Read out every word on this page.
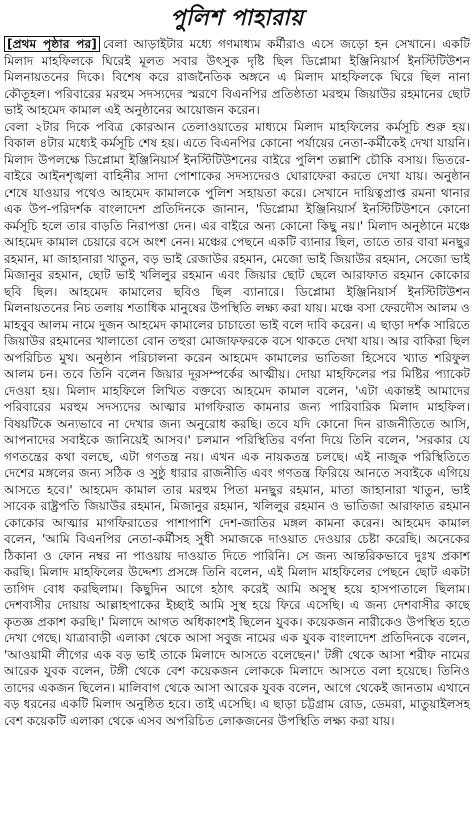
পুলিশ পাহারায়

[প্রথম পৃষ্ঠার পর] বেলা আড়াইটার মধ্যে গণমাধ্যম কর্মীরাও এসে জড়ো হন সেখানে। একটি মিলাদ মাহফিলকে ঘিরেই মূলত সবার উৎসুক দৃষ্টি ছিল ডিপ্লোমা ইঞ্জিনিয়ার্স ইনস্টিটিউশন মিলনায়তনের দিকে। বিশেষ করে রাজনৈতিক অঙ্গনে এ মিলাদ মাহফিলকে ঘিরে ছিল নানা কৌতূহল। পরিবারের মরহুম সদস্যদের স্মরণে বিএনপির প্রতিষ্ঠাতা মরহুম জিয়াউর রহমানের ছোট ভাই আহমেদ কামাল এই অনুষ্ঠানের আয়োজন করেন।

বেলা ২টার দিকে পবিত্র কোরআন তেলাওয়াতের মাধ্যমে মিলাদ মাহফিলের কর্মসূচি শুরু হয়। বিকাল ৪টার মধ্যেই কর্মসূচি শেষ হয়। এতে বিএনপির কোনো পর্যায়ের নেতা-কর্মীকেই দেখা যায়নি। মিলাদ উপলক্ষে ডিপ্লোমা ইঞ্জিনিয়ার্স ইনস্টিটিউশনের বাইরে পুলিশ তল্লাশি চৌকি বসায়। ভিতরে-বাইরে আইনশৃঙ্খলা বাহিনীর সাদা পোশাকের সদস্যদেরও ঘোরাফেরা করতে দেখা যায়। অনুষ্ঠান শেষে যাওয়ার পথেও আহমেদ কামালকে পুলিশ সহায়তা করে। সেখানে দায়িত্বপ্রাপ্ত রমনা থানার এক উপ-পরিদর্শক বাংলাদেশ প্রতিদিনকে জানান, 'ডিপ্লোমা ইঞ্জিনিয়ার্স ইনস্টিটিউশনে কোনো কর্মসূচি হলে তার বাড়তি নিরাপত্তা দেন। এর বাইরে অন্য কোনো কিছু নয়।' মিলাদ অনুষ্ঠানে মঞ্চে আহমেদ কামাল চেয়ারে বসে অংশ নেন। মঞ্চের পেছনে একটি ব্যানার ছিল, তাতে তার বাবা মনছুর রহমান, মা জাহানারা খাতুন, বড় ভাই রেজাউর রহমান, মেজো ভাই জিয়াউর রহমান, সেজো ভাই মিজানুর রহমান, ছোট ভাই খলিলুর রহমান এবং জিয়ার ছোট ছেলে আরাফাত রহমান কোকোর ছবি ছিল। আহমেদ কামালের ছবিও ছিল ব্যানারে। ডিপ্লোমা ইঞ্জিনিয়ার্স ইনস্টিটিউশন মিলনায়তনের নিচ তলায় শতাধিক মানুষের উপস্থিতি লক্ষ্য করা যায়। মঞ্চে বসা ফেরদৌস আলম ও মাহবুব আলম নামে দুজন আহমেদ কামালের চাচাতো ভাই বলে দাবি করেন। এ ছাড়া দর্শক সারিতে জিয়াউর রহমানের খালাতো বোন তহুরা মোজাফফরকে বসে থাকতে দেখা যায়। আর বাকিরা ছিল অপরিচিত মুখ। অনুষ্ঠান পরিচালনা করেন আহমেদ কামালের ভাতিজা হিসেবে খ্যাত শরিফুল আলম চন। তবে তিনি বলেন জিয়ার দূরসম্পর্কের আত্মীয়। দোয়া মাহফিলের পর মিষ্টির প্যাকেট দেওয়া হয়। মিলাদ মাহফিলে লিখিত বক্তব্যে আহমেদ কামাল বলেন, 'এটা একান্তই আমাদের পরিবারের মরহুম সদস্যদের আত্মার মাগফিরাত কামনার জন্য পারিবারিক মিলাদ মাহফিল। বিষয়টিকে অন্যভাবে না দেখার জন্য অনুরোধ করছি। তবে যদি কোনো দিন রাজনীতিতে আসি, আপনাদের সবাইকে জানিয়েই আসব।' চলমান পরিস্থিতির বর্ণনা দিয়ে তিনি বলেন, 'সরকার যে গণতন্ত্রের কথা বলছে, এটা গণতন্ত্র নয়। এখন এক নায়কতন্ত্র চলছে। এই নাজুক পরিস্থিতিতে দেশের মঙ্গলের জন্য সঠিক ও সুষ্ঠু ধারার রাজনীতি এবং গণতন্ত্র ফিরিয়ে আনতে সবাইকে এগিয়ে আসতে হবে।' আহমেদ কামাল তার মরহুম পিতা মনছুর রহমান, মাতা জাহানারা খাতুন, ভাই সাবেক রাষ্ট্রপতি জিয়াউর রহমান, মিজানুর রহমান, খলিলুর রহমান ও ভাতিজা আরাফাত রহমান কোকোর আত্মার মাগফিরাতের পাশাপাশি দেশ-জাতির মঙ্গল কামনা করেন। আহমেদ কামাল বলেন, 'আমি বিএনপির নেতা-কর্মীসহ সুধী সমাজকে দাওয়াত দেওয়ার চেষ্টা করেছি। অনেকের ঠিকানা ও ফোন নম্বর না পাওয়ায় দাওয়াত দিতে পারিনি। সে জন্য আন্তরিকভাবে দুঃখ প্রকাশ করছি। মিলাদ মাহফিলের উদ্দেশ্য প্রসঙ্গে তিনি বলেন, এই মিলাদ মাহফিলের পেছনে ছোট একটা তাগিদ বোধ করছিলাম। কিছুদিন আগে হঠাৎ করেই আমি অসুস্থ হয়ে হাসপাতালে ছিলাম। দেশবাসীর দোয়ায় আল্লাহপাকের ইচ্ছাই আমি সুস্থ হয়ে ফিরে এসেছি। এ জন্য দেশবাসীর কাছে কৃতজ্ঞ প্রকাশ করছি।' মিলাদে আগত অধিকাংশই ছিলেন যুবক। কয়েকজন নারীকেও উপস্থিত হতে দেখা গেছে। যাত্রাবাড়ী এলাকা থেকে আসা সবুজ নামের এক যুবক বাংলাদেশ প্রতিদিনকে বলেন, 'আওয়ামী লীগের এক বড় ভাই তাকে মিলাদে আসতে বলেছেন।' টঙ্গী থেকে আসা শরীফ নামের আরেক যুবক বলেন, টঙ্গী থেকে বেশ কয়েকজন লোককে মিলাদে আসতে বলা হয়েছে। তিনিও তাদের একজন ছিলেন। মালিবাগ থেকে আসা আরেক যুবক বলেন, আগে থেকেই জানতাম এখানে বড় ধরনের একটি মিলাদ অনুষ্ঠিত হবে। তাই এসেছি। এ ছাড়া চট্টগ্রাম রোড, ডেমরা, মাতুয়াইলসহ বেশ কয়েকটি এলাকা থেকে এসব অপরিচিত লোকজনের উপস্থিতি লক্ষ্য করা যায়।
